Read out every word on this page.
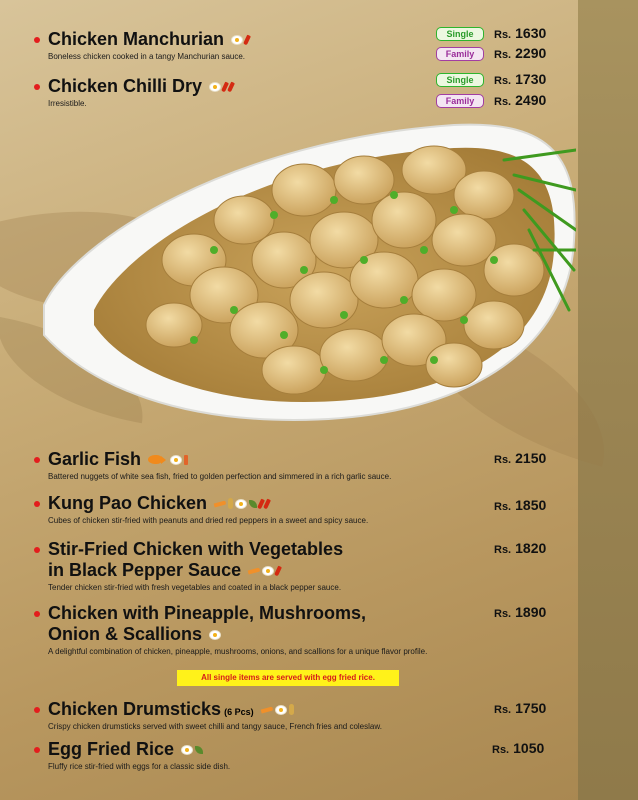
Chicken Manchurian
Boneless chicken cooked in a tangy Manchurian sauce.
Single	Rs. 1630
Family	Rs. 2290
Chicken Chilli Dry
Irresistible.
Single	Rs. 1730
Family	Rs. 2490
Garlic Fish
Battered nuggets of white sea fish, fried to golden perfection and simmered in a rich garlic sauce.
Rs. 2150
Kung Pao Chicken
Cubes of chicken stir-fried with peanuts and dried red peppers in a sweet and spicy sauce.
Rs. 1850
Stir-Fried Chicken with Vegetables
in Black Pepper Sauce
Tender chicken stir-fried with fresh vegetables and coated in a black pepper sauce.
Rs. 1820
Chicken with Pineapple, Mushrooms,
Onion & Scallions
A delightful combination of chicken, pineapple, mushrooms, onions, and scallions for a unique flavor profile.
Rs. 1890
All single items are served with egg fried rice.
Chicken Drumsticks (6 Pcs)
Crispy chicken drumsticks served with sweet chilli and tangy sauce, French fries and coleslaw.
Rs. 1750
Egg Fried Rice
Fluffy rice stir-fried with eggs for a classic side dish.
Rs. 1050
